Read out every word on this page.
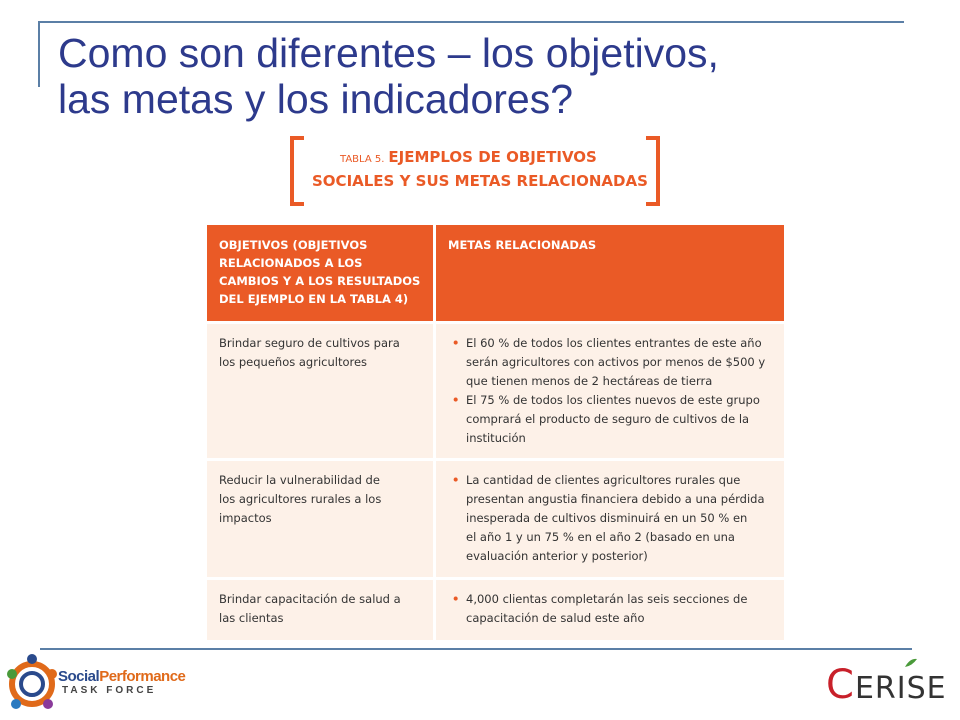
Como son diferentes – los objetivos,
las metas y los indicadores?
TABLA 5. EJEMPLOS DE OBJETIVOS
SOCIALES Y SUS METAS RELACIONADAS
OBJETIVOS (OBJETIVOS
RELACIONADOS A LOS
CAMBIOS Y A LOS RESULTADOS
DEL EJEMPLO EN LA TABLA 4)
METAS RELACIONADAS
Brindar seguro de cultivos para
los pequeños agricultores
• El 60 % de todos los clientes entrantes de este año
serán agricultores con activos por menos de $500 y
que tienen menos de 2 hectáreas de tierra
• El 75 % de todos los clientes nuevos de este grupo
comprará el producto de seguro de cultivos de la
institución
Reducir la vulnerabilidad de
los agricultores rurales a los
impactos
• La cantidad de clientes agricultores rurales que
presentan angustia financiera debido a una pérdida
inesperada de cultivos disminuirá en un 50 % en
el año 1 y un 75 % en el año 2 (basado en una
evaluación anterior y posterior)
Brindar capacitación de salud a
las clientas
• 4,000 clientas completarán las seis secciones de
capacitación de salud este año
SocialPerformance
TASK FORCE	CERISE
